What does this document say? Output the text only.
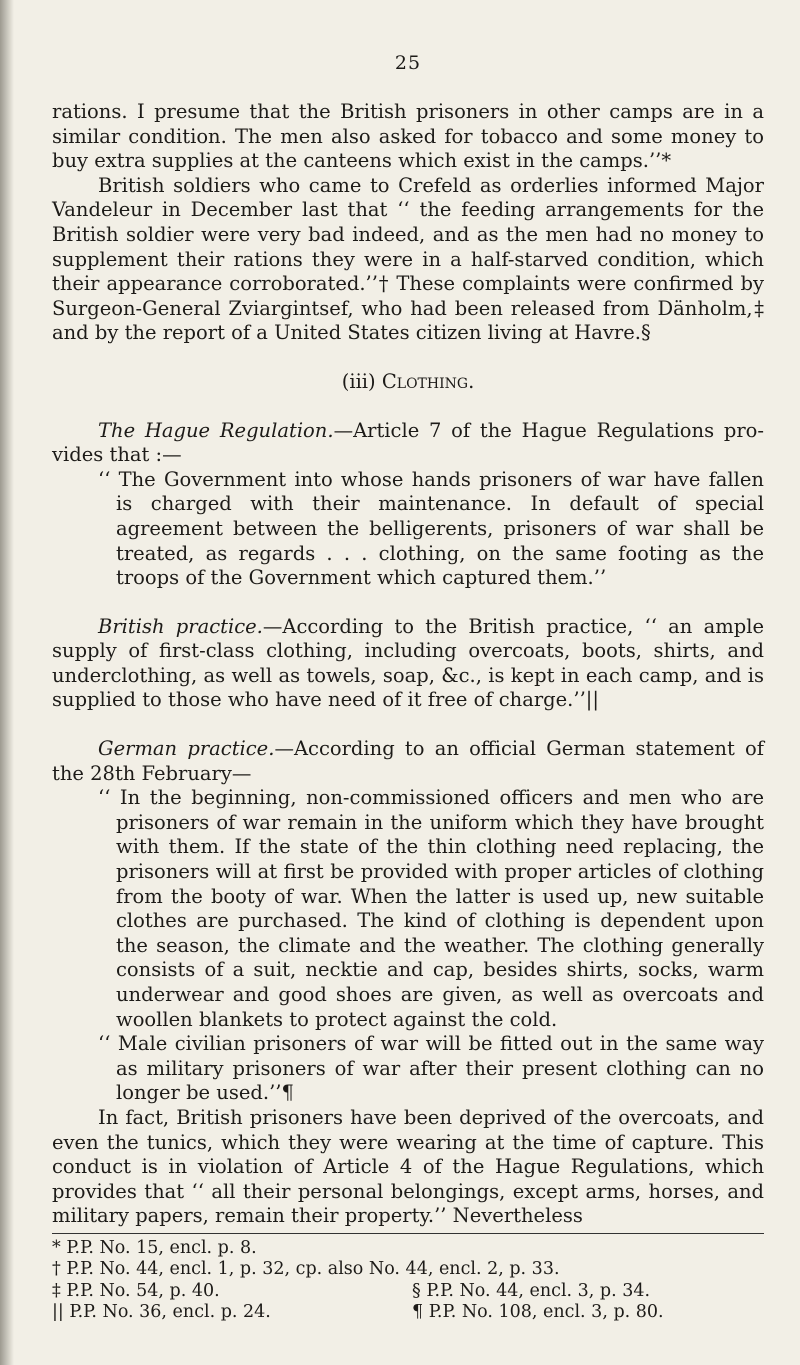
25

rations. I presume that the British prisoners in other camps are in a similar condition. The men also asked for tobacco and some money to buy extra supplies at the canteens which exist in the camps.’’*

British soldiers who came to Crefeld as orderlies informed Major Vandeleur in December last that ‘‘ the feeding arrangements for the British soldier were very bad indeed, and as the men had no money to supplement their rations they were in a half-starved condition, which their appearance corroborated.’’† These complaints were confirmed by Surgeon-General Zviargintsef, who had been released from Dänholm,‡ and by the report of a United States citizen living at Havre.§

(iii) Clothing.

The Hague Regulation.—Article 7 of the Hague Regulations provides that :—

‘‘ The Government into whose hands prisoners of war have fallen is charged with their maintenance. In default of special agreement between the belligerents, prisoners of war shall be treated, as regards . . . clothing, on the same footing as the troops of the Government which captured them.’’

British practice.—According to the British practice, ‘‘ an ample supply of first-class clothing, including overcoats, boots, shirts, and underclothing, as well as towels, soap, &c., is kept in each camp, and is supplied to those who have need of it free of charge.’’||

German practice.—According to an official German statement of the 28th February—

‘‘ In the beginning, non-commissioned officers and men who are prisoners of war remain in the uniform which they have brought with them. If the state of the thin clothing need replacing, the prisoners will at first be provided with proper articles of clothing from the booty of war. When the latter is used up, new suitable clothes are purchased. The kind of clothing is dependent upon the season, the climate and the weather. The clothing generally consists of a suit, necktie and cap, besides shirts, socks, warm underwear and good shoes are given, as well as overcoats and woollen blankets to protect against the cold.

‘‘ Male civilian prisoners of war will be fitted out in the same way as military prisoners of war after their present clothing can no longer be used.’’¶

In fact, British prisoners have been deprived of the overcoats, and even the tunics, which they were wearing at the time of capture. This conduct is in violation of Article 4 of the Hague Regulations, which provides that ‘‘ all their personal belongings, except arms, horses, and military papers, remain their property.’’ Nevertheless

* P.P. No. 15, encl. p. 8.
† P.P. No. 44, encl. 1, p. 32, cp. also No. 44, encl. 2, p. 33.
‡ P.P. No. 54, p. 40.	§ P.P. No. 44, encl. 3, p. 34.
|| P.P. No. 36, encl. p. 24.	¶ P.P. No. 108, encl. 3, p. 80.
